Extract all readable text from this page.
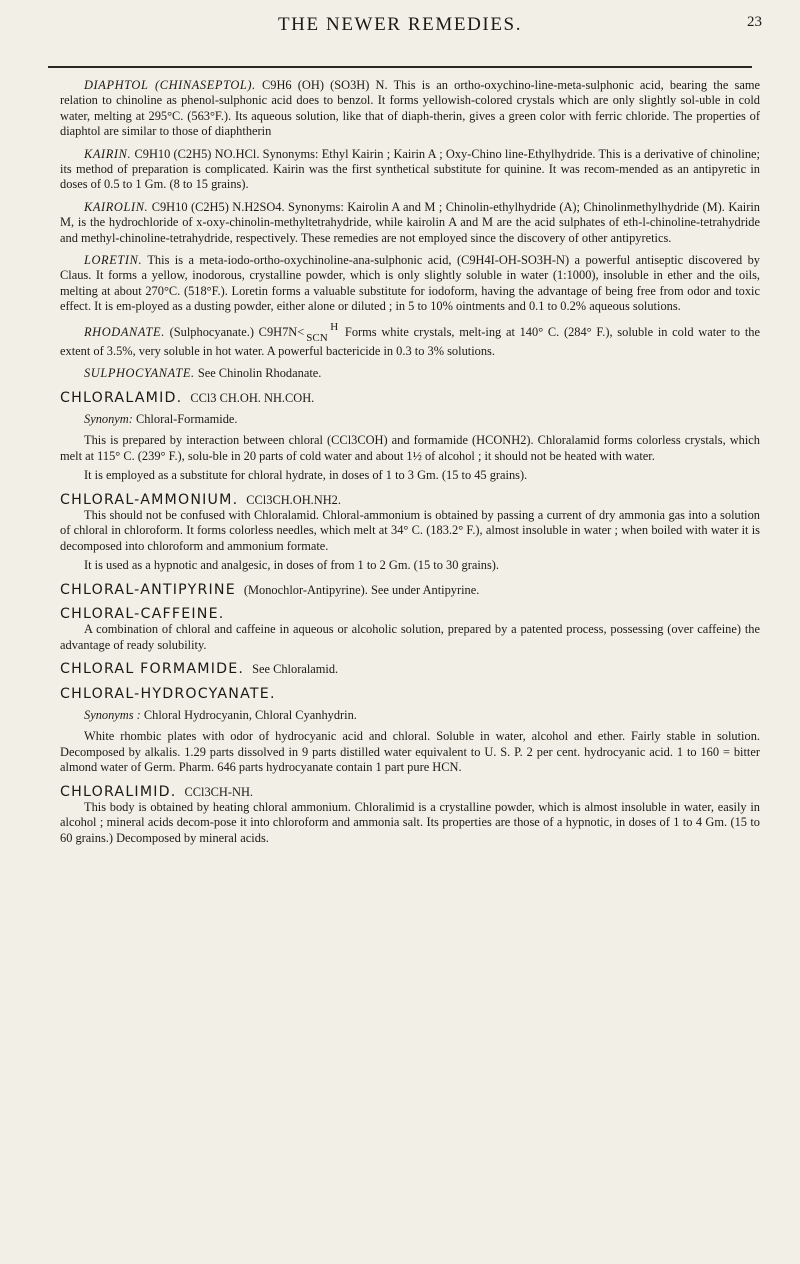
THE NEWER REMEDIES.	23

DIAPHTOL (CHINASEPTOL). C9H6 (OH) (SO3H) N. This is an ortho-oxychino-line-meta-sulphonic acid, bearing the same relation to chinoline as phenol-sulphonic acid does to benzol. It forms yellowish-colored crystals which are only slightly sol-uble in cold water, melting at 295°C. (563°F.). Its aqueous solution, like that of diaph-therin, gives a green color with ferric chloride. The properties of diaphtol are similar to those of diaphtherin

KAIRIN. C9H10 (C2H5) NO.HCl. Synonyms: Ethyl Kairin ; Kairin A ; Oxy-Chino line-Ethylhydride. This is a derivative of chinoline; its method of preparation is complicated. Kairin was the first synthetical substitute for quinine. It was recom-mended as an antipyretic in doses of 0.5 to 1 Gm. (8 to 15 grains).

KAIROLIN. C9H10 (C2H5) N.H2SO4. Synonyms: Kairolin A and M ; Chinolin-ethylhydride (A); Chinolinmethylhydride (M). Kairin M, is the hydrochloride of x-oxy-chinolin-methyltetrahydride, while kairolin A and M are the acid sulphates of eth-l-chinoline-tetrahydride and methyl-chinoline-tetrahydride, respectively. These remedies are not employed since the discovery of other antipyretics.

LORETIN. This is a meta-iodo-ortho-oxychinoline-ana-sulphonic acid, (C9H4I-OH-SO3H-N) a powerful antiseptic discovered by Claus. It forms a yellow, inodorous, crystalline powder, which is only slightly soluble in water (1:1000), insoluble in ether and the oils, melting at about 270°C. (518°F.). Loretin forms a valuable substitute for iodoform, having the advantage of being free from odor and toxic effect. It is em-ployed as a dusting powder, either alone or diluted ; in 5 to 10% ointments and 0.1 to 0.2% aqueous solutions.

RHODANATE. (Sulphocyanate.) C9H7N< H
SCN Forms white crystals, melt-ing at 140° C. (284° F.), soluble in cold water to the extent of 3.5%, very soluble in hot water. A powerful bactericide in 0.3 to 3% solutions.

SULPHOCYANATE. See Chinolin Rhodanate.

CHLORALAMID. CCl3 CH.OH. NH.COH.
Synonym: Chloral-Formamide.

This is prepared by interaction between chloral (CCl3COH) and formamide (HCONH2). Chloralamid forms colorless crystals, which melt at 115° C. (239° F.), solu-ble in 20 parts of cold water and about 1½ of alcohol ; it should not be heated with water.

It is employed as a substitute for chloral hydrate, in doses of 1 to 3 Gm. (15 to 45 grains).

CHLORAL-AMMONIUM. CCl3CH.OH.NH2.

This should not be confused with Chloralamid. Chloral-ammonium is obtained by passing a current of dry ammonia gas into a solution of chloral in chloroform. It forms colorless needles, which melt at 34° C. (183.2° F.), almost insoluble in water ; when boiled with water it is decomposed into chloroform and ammonium formate.

It is used as a hypnotic and analgesic, in doses of from 1 to 2 Gm. (15 to 30 grains).

CHLORAL-ANTIPYRINE (Monochlor-Antipyrine). See under Antipyrine.
CHLORAL-CAFFEINE.

A combination of chloral and caffeine in aqueous or alcoholic solution, prepared by a patented process, possessing (over caffeine) the advantage of ready solubility.

CHLORAL FORMAMIDE. See Chloralamid.
CHLORAL-HYDROCYANATE.
Synonyms : Chloral Hydrocyanin, Chloral Cyanhydrin.

White rhombic plates with odor of hydrocyanic acid and chloral. Soluble in water, alcohol and ether. Fairly stable in solution. Decomposed by alkalis. 1.29 parts dissolved in 9 parts distilled water equivalent to U. S. P. 2 per cent. hydrocyanic acid. 1 to 160 = bitter almond water of Germ. Pharm. 646 parts hydrocyanate contain 1 part pure HCN.

CHLORALIMID. CCl3CH-NH.

This body is obtained by heating chloral ammonium. Chloralimid is a crystalline powder, which is almost insoluble in water, easily in alcohol ; mineral acids decom-pose it into chloroform and ammonia salt. Its properties are those of a hypnotic, in doses of 1 to 4 Gm. (15 to 60 grains.) Decomposed by mineral acids.
